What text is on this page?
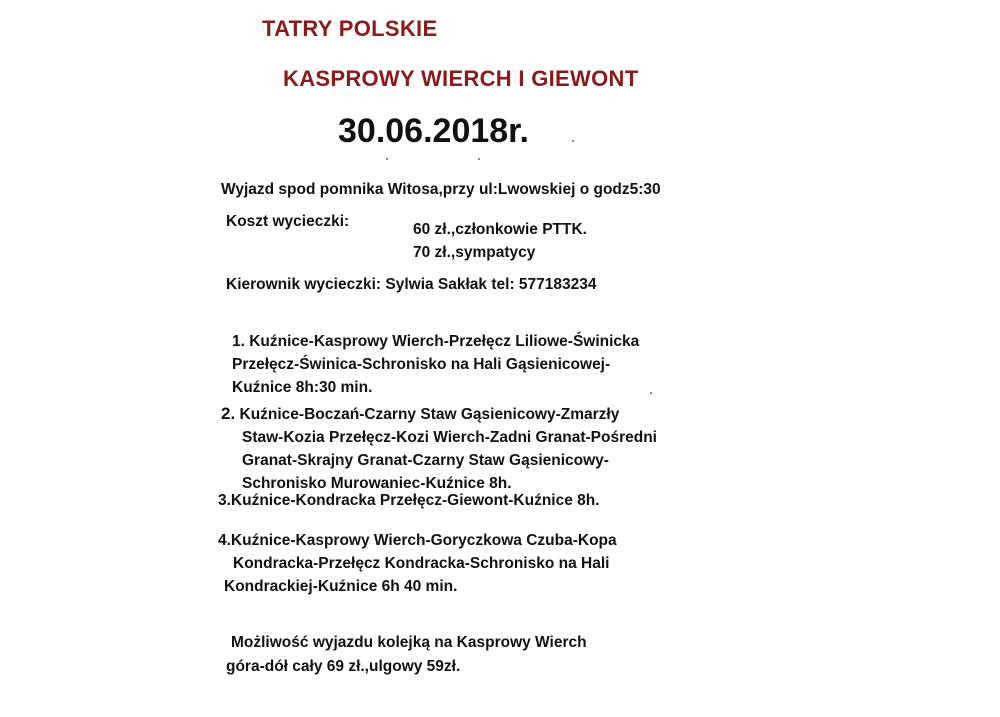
TATRY POLSKIE
KASPROWY WIERCH I GIEWONT
30.06.2018r.
Wyjazd spod pomnika Witosa,przy ul:Lwowskiej o godz5:30
Koszt wycieczki:	60 zł.,członkowie PTTK.
70 zł.,sympatycy
Kierownik wycieczki: Sylwia Sakłak tel: 577183234
1. Kuźnice-Kasprowy Wierch-Przełęcz Liliowe-Świnicka
Przełęcz-Świnica-Schronisko na Hali Gąsienicowej-
Kuźnice 8h:30 min.
2. Kuźnice-Boczań-Czarny Staw Gąsienicowy-Zmarzły
Staw-Kozia Przełęcz-Kozi Wierch-Zadni Granat-Pośredni
Granat-Skrajny Granat-Czarny Staw Gąsienicowy-
Schronisko Murowaniec-Kuźnice 8h.
3.Kuźnice-Kondracka Przełęcz-Giewont-Kuźnice 8h.
4.Kuźnice-Kasprowy Wierch-Goryczkowa Czuba-Kopa
Kondracka-Przełęcz Kondracka-Schronisko na Hali
Kondrackiej-Kuźnice 6h 40 min.
Możliwość wyjazdu kolejką na Kasprowy Wierch
góra-dół cały 69 zł.,ulgowy 59zł.
